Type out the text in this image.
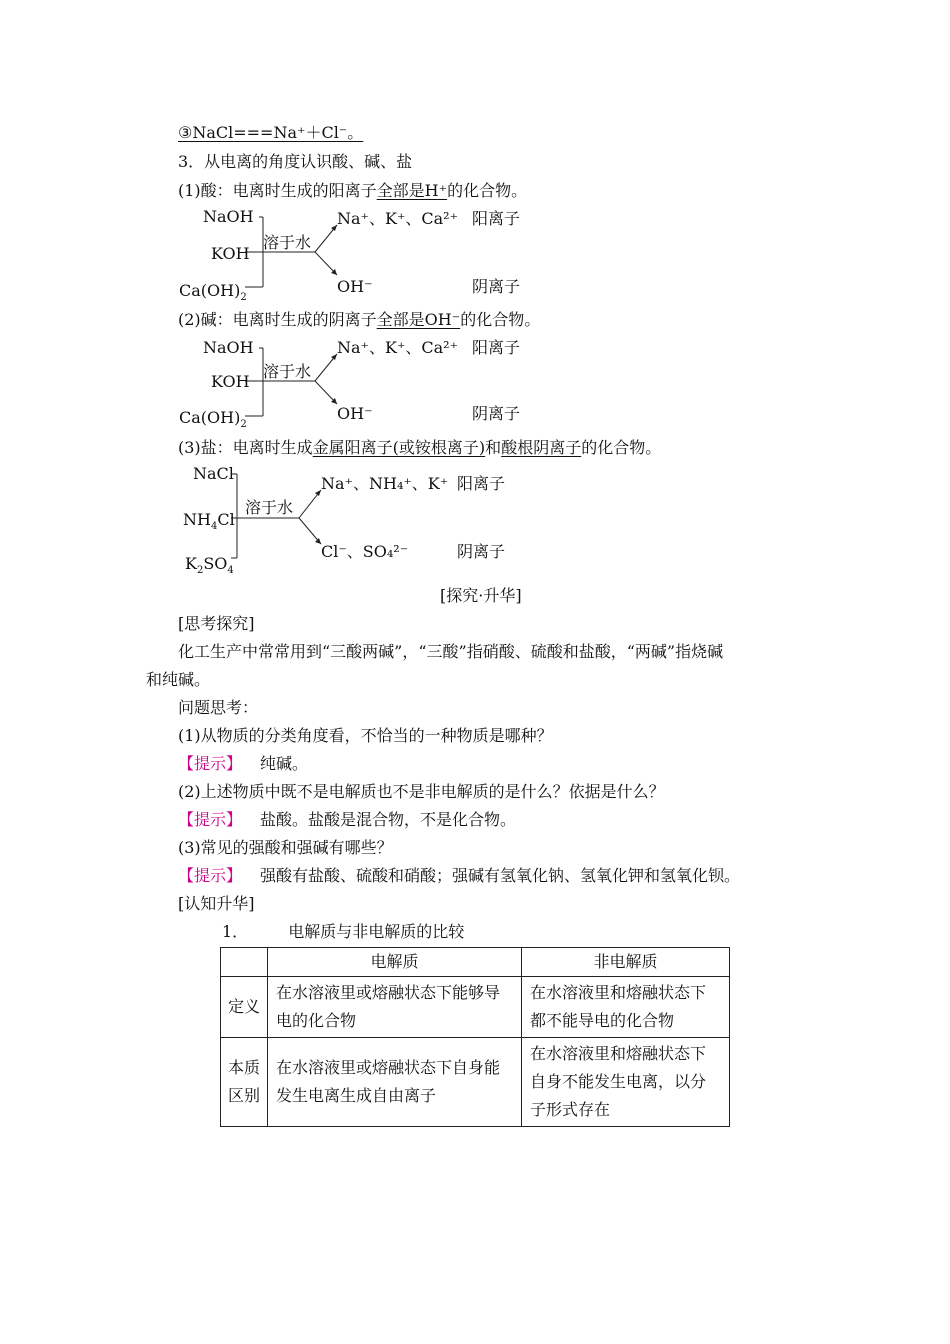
③NaCl===Na⁺＋Cl⁻。
3．从电离的角度认识酸、碱、盐
(1)酸：电离时生成的阳离子全部是H⁺的化合物。
NaOH
KOH
$Ca(OH)_2$
溶于水
Na⁺、K⁺、Ca²⁺
OH⁻
阳离子
阴离子
(2)碱：电离时生成的阴离子全部是OH⁻的化合物。
NaOH
KOH
$Ca(OH)_2$
溶于水
Na⁺、K⁺、Ca²⁺
OH⁻
阳离子
阴离子
(3)盐：电离时生成金属阳离子(或铵根离子)和酸根阴离子的化合物。
NaCl
$NH_4Cl$
$K_2SO_4$
溶于水
Na⁺、NH₄⁺、K⁺
Cl⁻、SO₄²⁻
阳离子
阴离子
[探究·升华]
[思考探究]
化工生产中常常用到“三酸两碱”，“三酸”指硝酸、硫酸和盐酸，“两碱”指烧碱
和纯碱。
问题思考：
(1)从物质的分类角度看，不恰当的一种物质是哪种？
【提示】 纯碱。
(2)上述物质中既不是电解质也不是非电解质的是什么？依据是什么？
【提示】 盐酸。盐酸是混合物，不是化合物。
(3)常见的强酸和强碱有哪些？
【提示】 强酸有盐酸、硫酸和硝酸；强碱有氢氧化钠、氢氧化钾和氢氧化钡。
[认知升华]
1．	电解质与非电解质的比较
	电解质	非电解质
定义	在水溶液里或熔融状态下能够导电的化合物	在水溶液里和熔融状态下都不能导电的化合物
本质区别	在水溶液里或熔融状态下自身能发生电离生成自由离子	在水溶液里和熔融状态下自身不能发生电离，以分子形式存在
